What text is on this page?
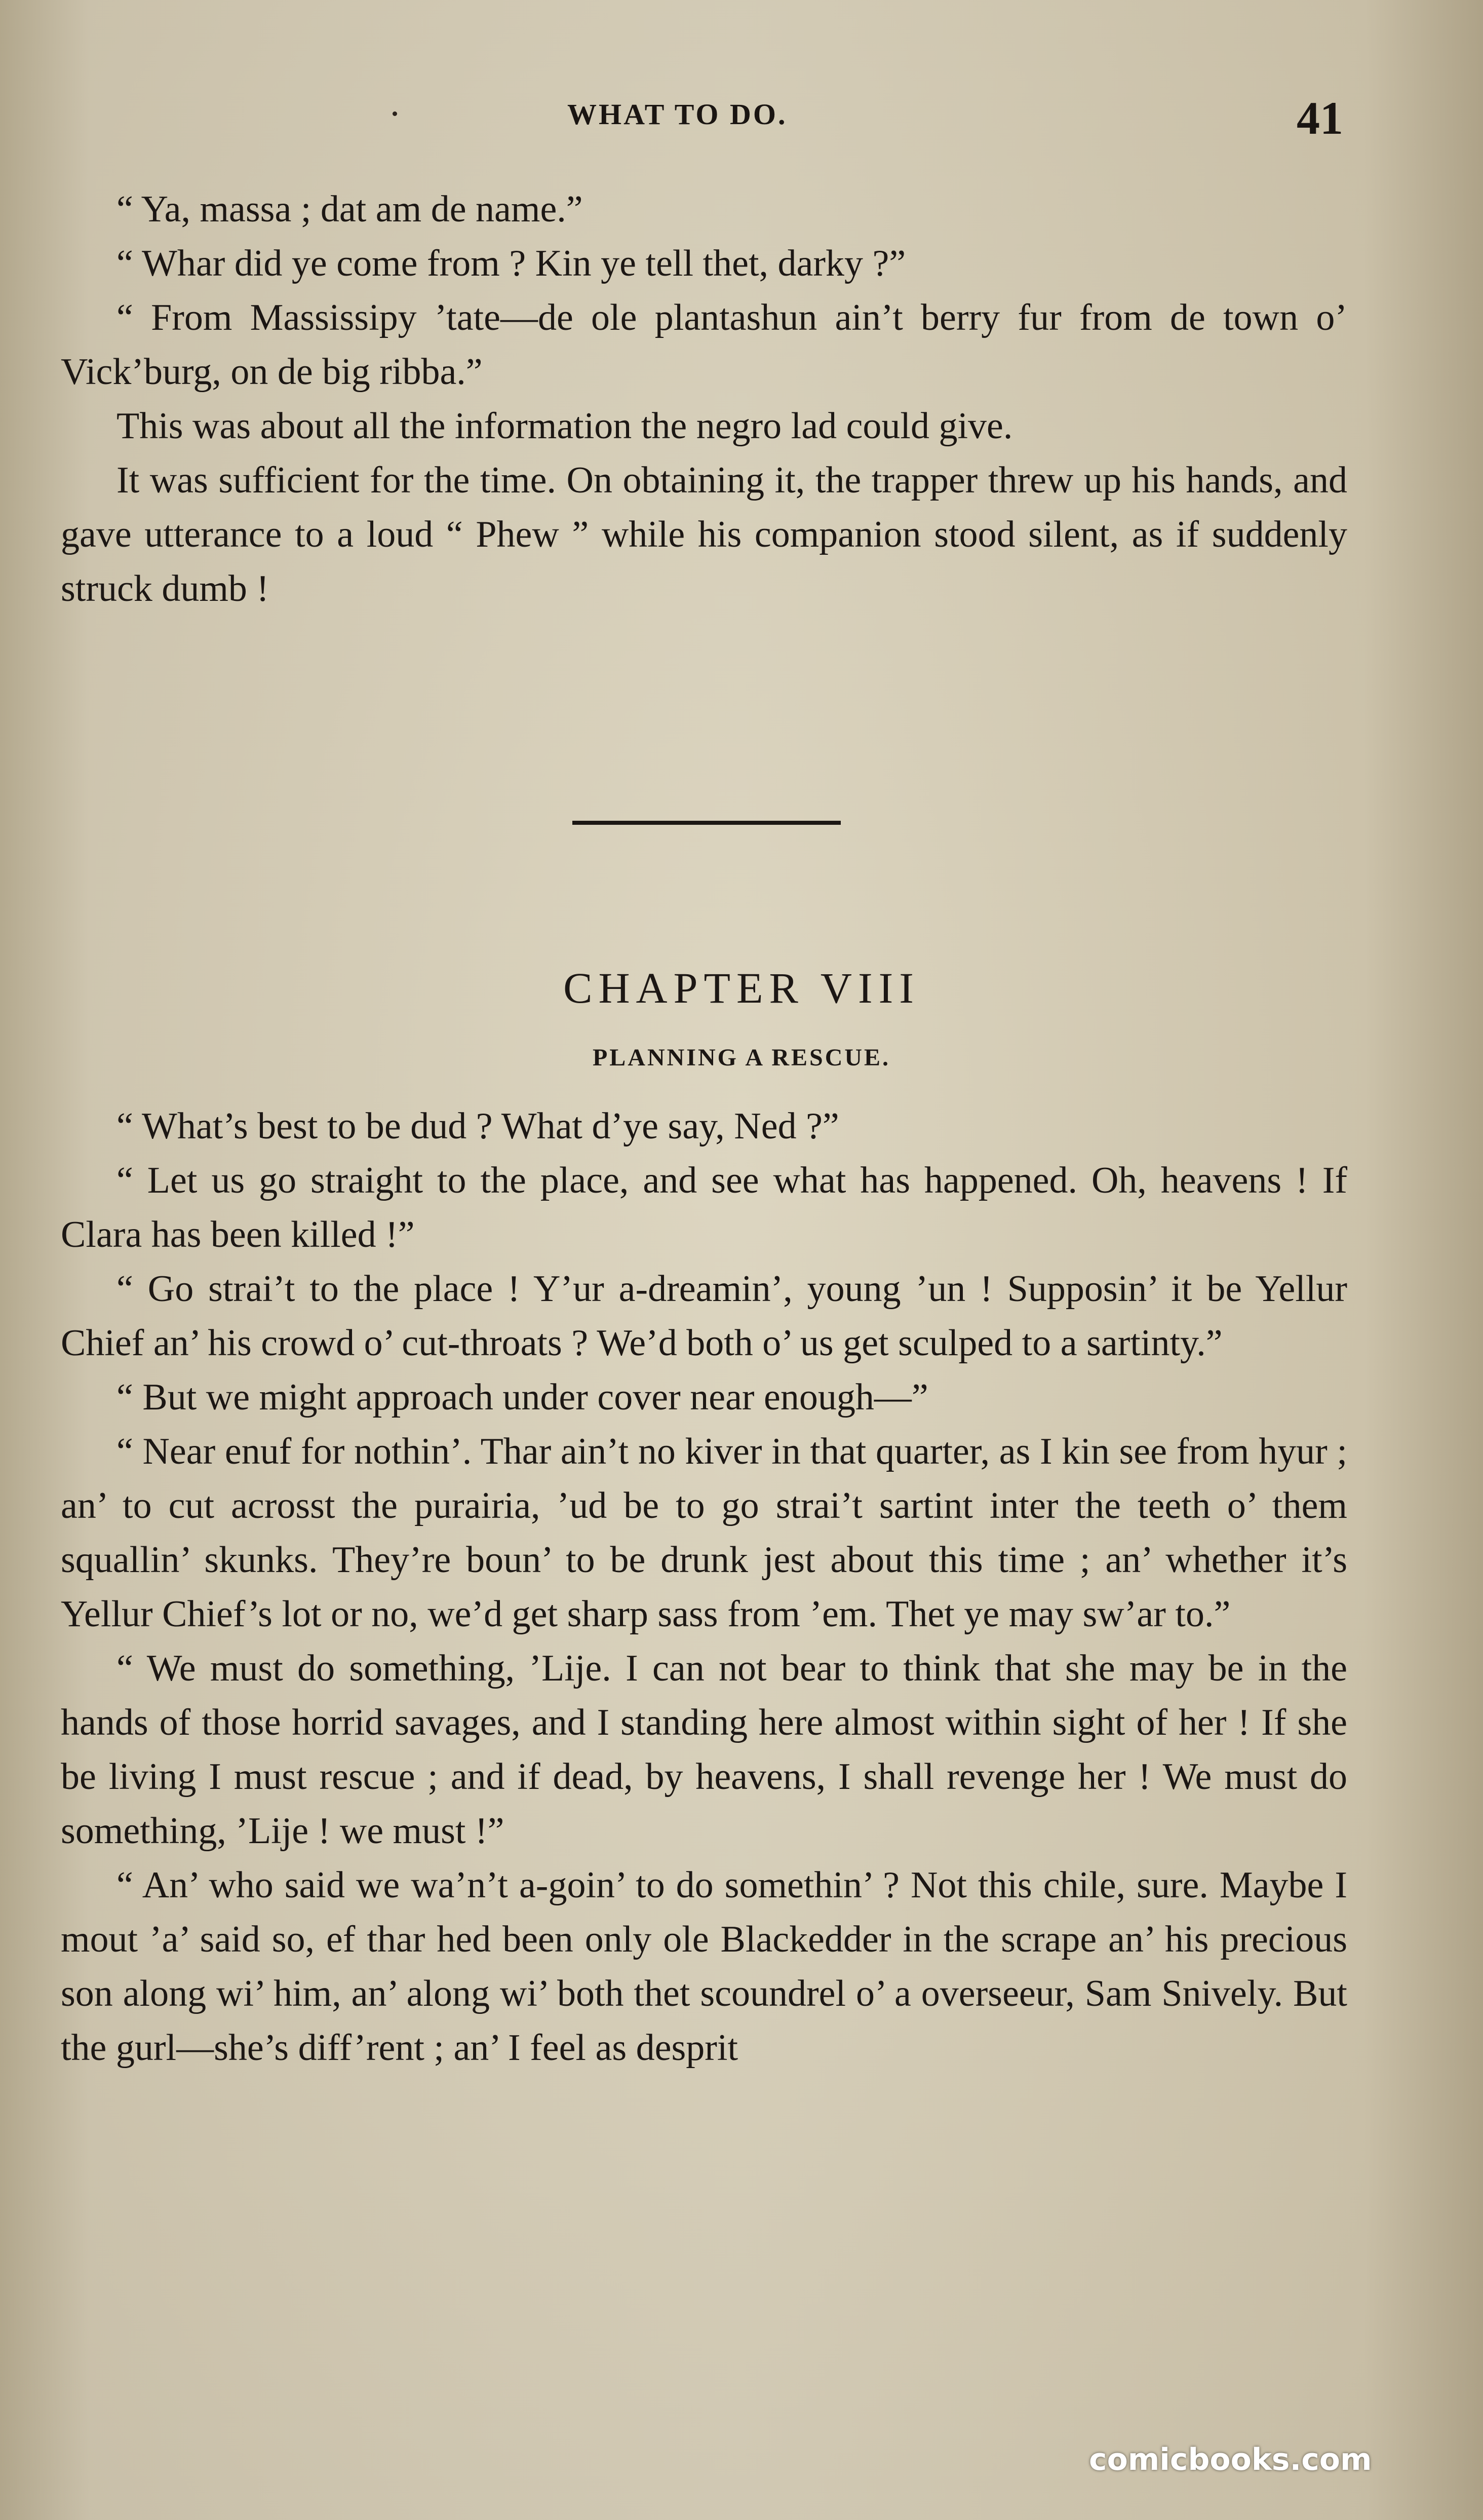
WHAT TO DO.	41

“ Ya, massa ; dat am de name.”

“ Whar did ye come from ? Kin ye tell thet, darky ?”

“ From Massissipy ’tate—de ole plantashun ain’t berry fur from de town o’ Vick’burg, on de big ribba.”

This was about all the information the negro lad could give.

It was sufficient for the time. On obtaining it, the trapper threw up his hands, and gave utterance to a loud “ Phew ” while his companion stood silent, as if suddenly struck dumb !

CHAPTER VIII
PLANNING A RESCUE.

“ What’s best to be dud ? What d’ye say, Ned ?”

“ Let us go straight to the place, and see what has happened. Oh, heavens ! If Clara has been killed !”

“ Go strai’t to the place ! Y’ur a-dreamin’, young ’un ! Supposin’ it be Yellur Chief an’ his crowd o’ cut-throats ? We’d both o’ us get sculped to a sartinty.”

“ But we might approach under cover near enough—”

“ Near enuf for nothin’. Thar ain’t no kiver in that quarter, as I kin see from hyur ; an’ to cut acrosst the purairia, ’ud be to go strai’t sartint inter the teeth o’ them squallin’ skunks. They’re boun’ to be drunk jest about this time ; an’ whether it’s Yellur Chief’s lot or no, we’d get sharp sass from ’em. Thet ye may sw’ar to.”

“ We must do something, ’Lije. I can not bear to think that she may be in the hands of those horrid savages, and I standing here almost within sight of her ! If she be living I must rescue ; and if dead, by heavens, I shall revenge her ! We must do something, ’Lije ! we must !”

“ An’ who said we wa’n’t a-goin’ to do somethin’ ? Not this chile, sure. Maybe I mout ’a’ said so, ef thar hed been only ole Blackedder in the scrape an’ his precious son along wi’ him, an’ along wi’ both thet scoundrel o’ a overseeur, Sam Snively. But the gurl—she’s diff’rent ; an’ I feel as desprit

comicbooks.com
